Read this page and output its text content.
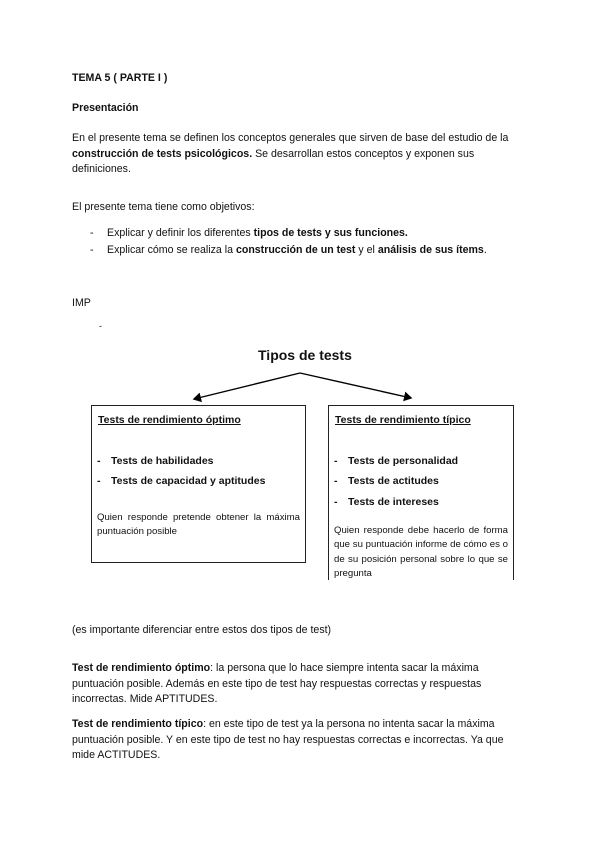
TEMA 5 ( PARTE I )
Presentación
En el presente tema se definen los conceptos generales que sirven de base del estudio de la construcción de tests psicológicos. Se desarrollan estos conceptos y exponen sus definiciones.
El presente tema tiene como objetivos:
- Explicar y definir los diferentes tipos de tests y sus funciones.
- Explicar cómo se realiza la construcción de un test y el análisis de sus ítems.
IMP
-
Tipos de tests
Tests de rendimiento óptimo
- Tests de habilidades
- Tests de capacidad y aptitudes
Quien responde pretende obtener la máxima puntuación posible
Tests de rendimiento típico
- Tests de personalidad
- Tests de actitudes
- Tests de intereses
Quien responde debe hacerlo de forma que su puntuación informe de cómo es o de su posición personal sobre lo que se pregunta
(es importante diferenciar entre estos dos tipos de test)
Test de rendimiento óptimo: la persona que lo hace siempre intenta sacar la máxima puntuación posible. Además en este tipo de test hay respuestas correctas y respuestas incorrectas. Mide APTITUDES.
Test de rendimiento típico: en este tipo de test ya la persona no intenta sacar la máxima puntuación posible. Y en este tipo de test no hay respuestas correctas e incorrectas. Ya que mide ACTITUDES.
